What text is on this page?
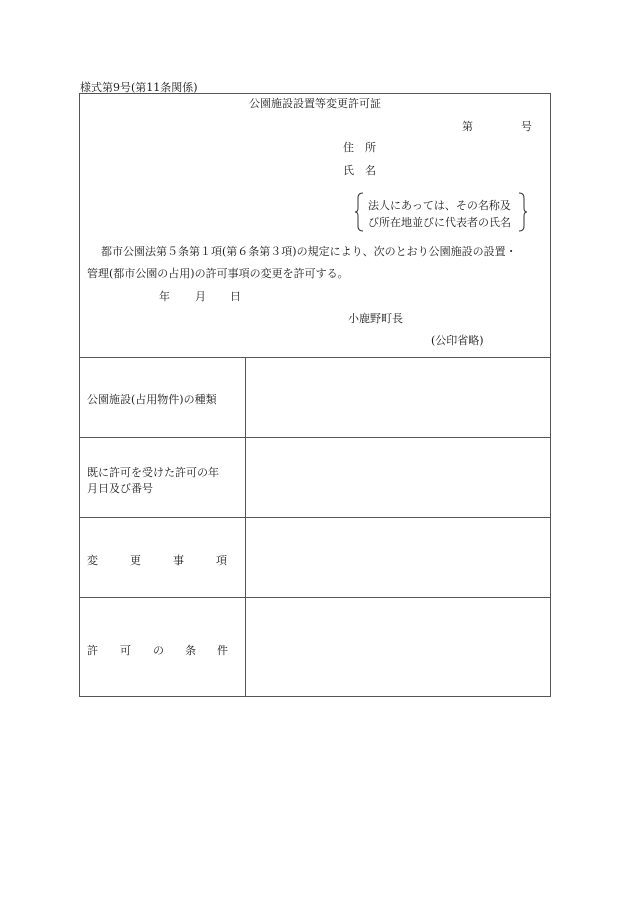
様式第9号(第11条関係)
公園施設設置等変更許可証
第	号
住　所
氏　名
法人にあっては、その名称及
び所在地並びに代表者の氏名
都市公園法第５条第１項(第６条第３項)の規定により、次のとおり公園施設の設置・
管理(都市公園の占用)の許可事項の変更を許可する。
年 月 日
小鹿野町長
(公印省略)
公園施設(占用物件)の種類
既に許可を受けた許可の年
月日及び番号
変	更	事	項
許 可 の 条 件
